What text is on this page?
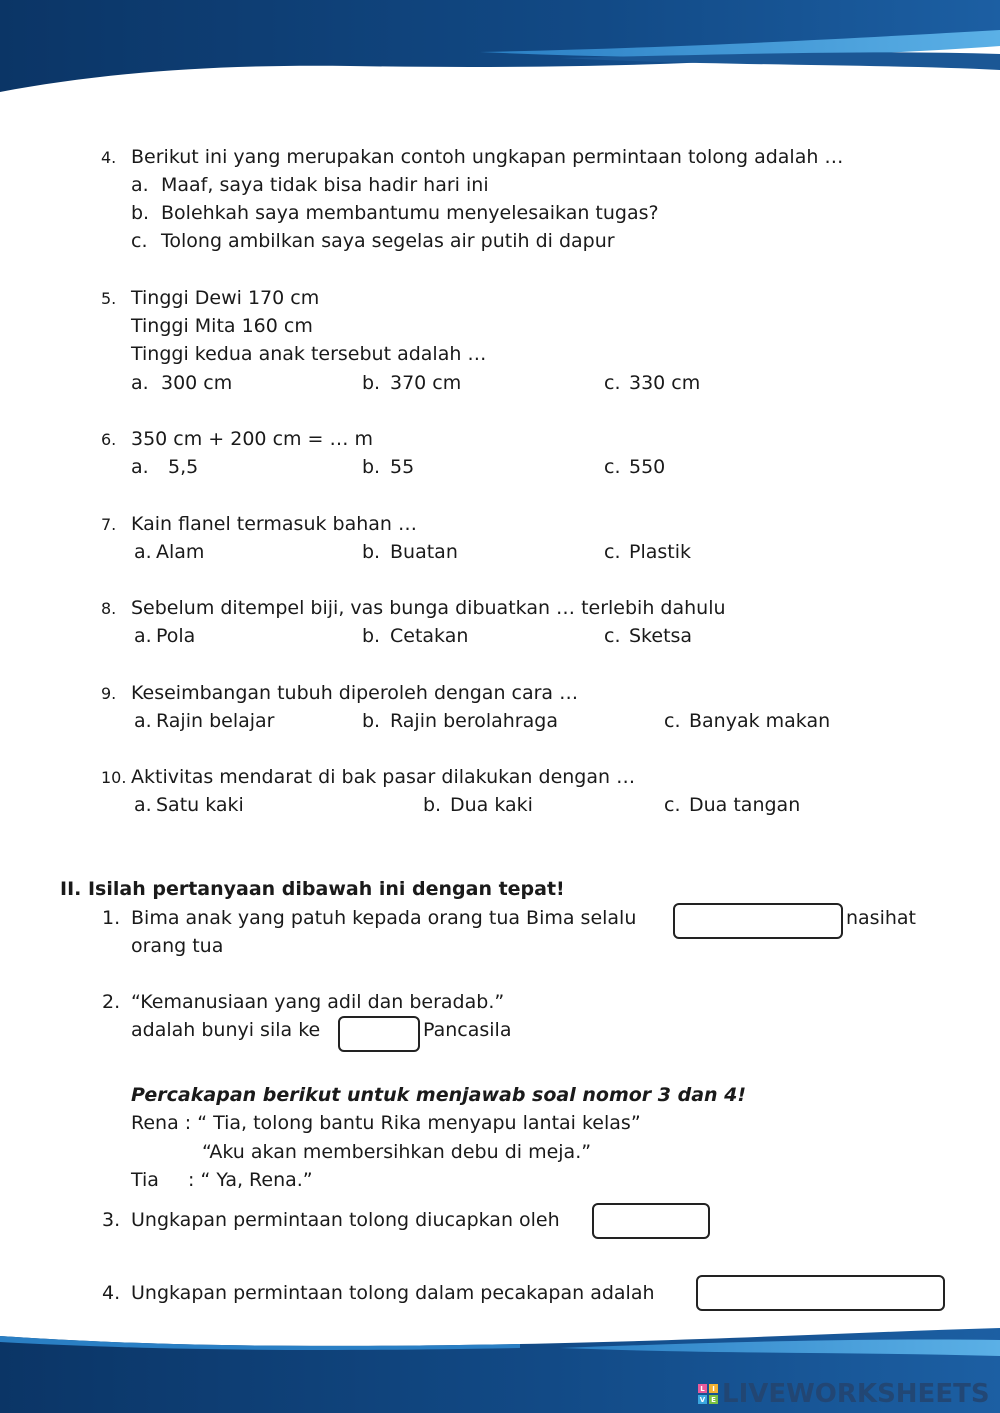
4. Berikut ini yang merupakan contoh ungkapan permintaan tolong adalah …
a. Maaf, saya tidak bisa hadir hari ini
b. Bolehkah saya membantumu menyelesaikan tugas?
c. Tolong ambilkan saya segelas air putih di dapur
5. Tinggi Dewi 170 cm
Tinggi Mita 160 cm
Tinggi kedua anak tersebut adalah …
a. 300 cm	b. 370 cm	c. 330 cm
6. 350 cm + 200 cm = … m
a. 5,5	b. 55	c. 550
7. Kain flanel termasuk bahan …
a. Alam	b. Buatan	c. Plastik
8. Sebelum ditempel biji, vas bunga dibuatkan … terlebih dahulu
a. Pola	b. Cetakan	c. Sketsa
9. Keseimbangan tubuh diperoleh dengan cara …
a. Rajin belajar	b. Rajin berolahraga	c. Banyak makan
10. Aktivitas mendarat di bak pasar dilakukan dengan …
a. Satu kaki	b. Dua kaki	c. Dua tangan
II. Isilah pertanyaan dibawah ini dengan tepat!
1. Bima anak yang patuh kepada orang tua Bima selalu	nasihat
orang tua
2. “Kemanusiaan yang adil dan beradab.”
adalah bunyi sila ke	Pancasila
Percakapan berikut untuk menjawab soal nomor 3 dan 4!
Rena : “ Tia, tolong bantu Rika menyapu lantai kelas”
“Aku akan membersihkan debu di meja.”
Tia : “ Ya, Rena.”
3. Ungkapan permintaan tolong diucapkan oleh
4. Ungkapan permintaan tolong dalam pecakapan adalah
L	I
V E LIVEWORKSHEETS
